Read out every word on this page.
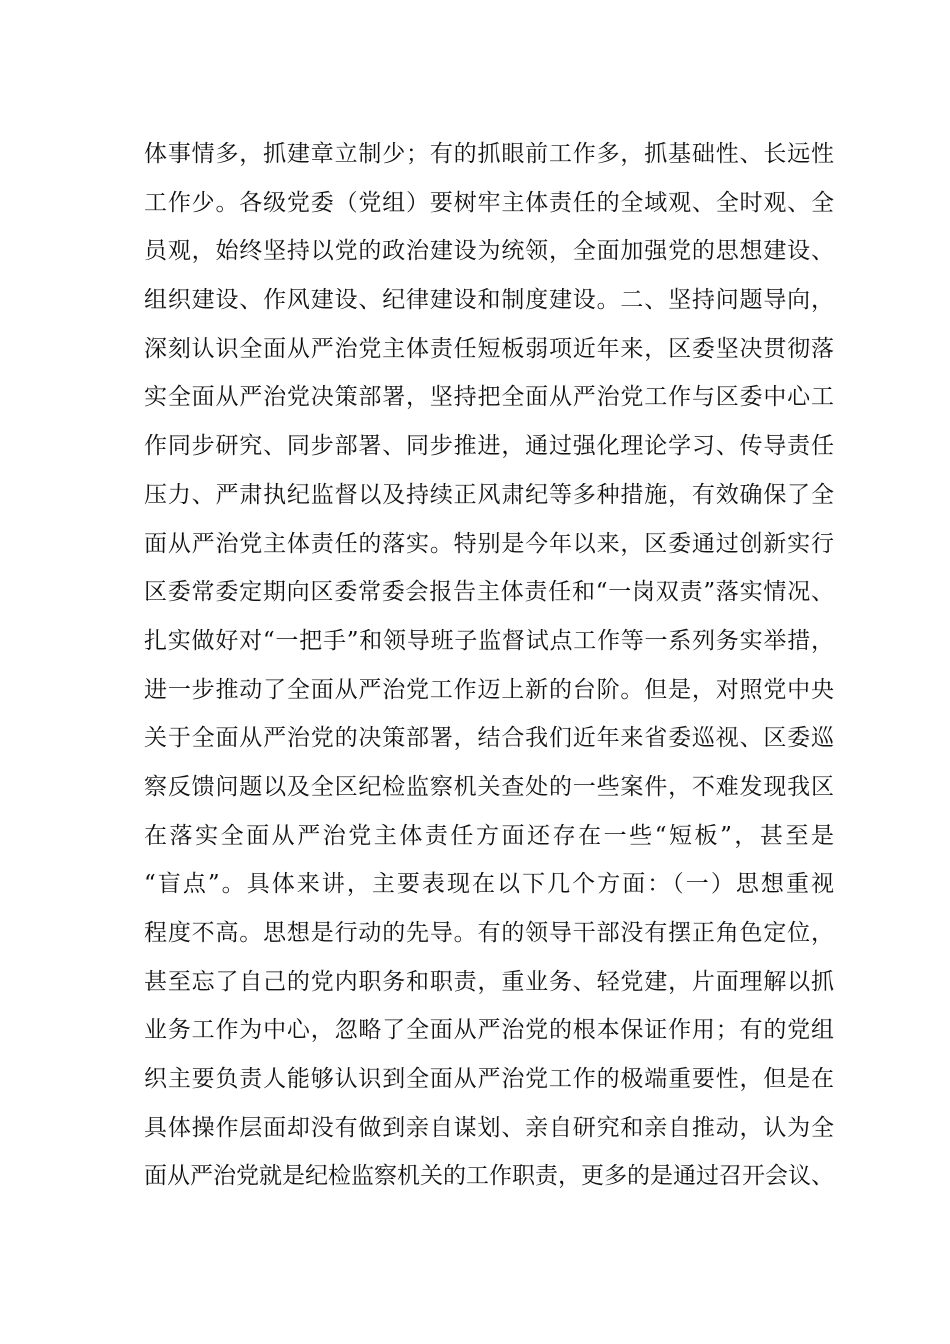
体事情多，抓建章立制少；有的抓眼前工作多，抓基础性、长远性
工作少。各级党委（党组）要树牢主体责任的全域观、全时观、全
员观，始终坚持以党的政治建设为统领，全面加强党的思想建设、
组织建设、作风建设、纪律建设和制度建设。二、坚持问题导向，
深刻认识全面从严治党主体责任短板弱项近年来，区委坚决贯彻落
实全面从严治党决策部署，坚持把全面从严治党工作与区委中心工
作同步研究、同步部署、同步推进，通过强化理论学习、传导责任
压力、严肃执纪监督以及持续正风肃纪等多种措施，有效确保了全
面从严治党主体责任的落实。特别是今年以来，区委通过创新实行
区委常委定期向区委常委会报告主体责任和“一岗双责”落实情况、
扎实做好对“一把手”和领导班子监督试点工作等一系列务实举措，
进一步推动了全面从严治党工作迈上新的台阶。但是，对照党中央
关于全面从严治党的决策部署，结合我们近年来省委巡视、区委巡
察反馈问题以及全区纪检监察机关查处的一些案件，不难发现我区
在落实全面从严治党主体责任方面还存在一些“短板”，甚至是
“盲点”。具体来讲，主要表现在以下几个方面：（一）思想重视
程度不高。思想是行动的先导。有的领导干部没有摆正角色定位，
甚至忘了自己的党内职务和职责，重业务、轻党建，片面理解以抓
业务工作为中心，忽略了全面从严治党的根本保证作用；有的党组
织主要负责人能够认识到全面从严治党工作的极端重要性，但是在
具体操作层面却没有做到亲自谋划、亲自研究和亲自推动，认为全
面从严治党就是纪检监察机关的工作职责，更多的是通过召开会议、
